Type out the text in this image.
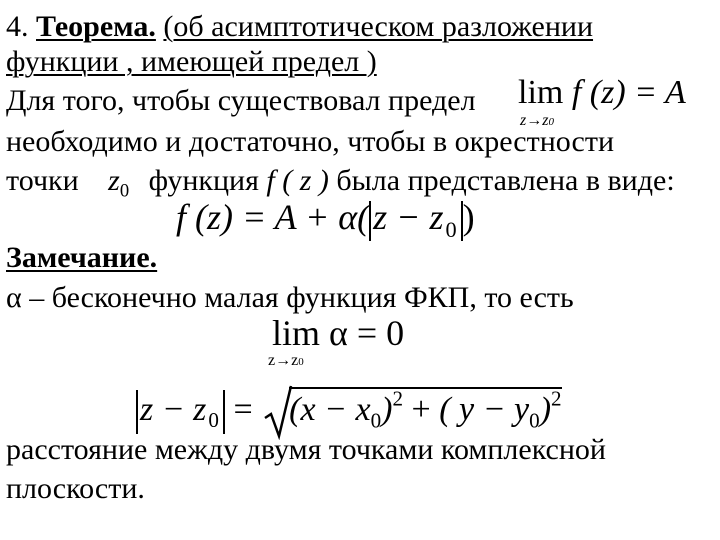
4. Теорема. (об асимптотическом разложении
функции , имеющей предел )
Для того, чтобы существовал предел lim f (z) = A
z→z0
необходимо и достаточно, чтобы в окрестности
точки $z_0$ функция f ( z ) была представлена в виде:
f (z) = A + α( $z - z_0$ )
Замечание.
α – бесконечно малая функция ФКП, то есть
lim α = 0
z→z0
$z - z_0 = (x - x_0)^2$ + ( $y - y_0)^2$
расстояние между двумя точками комплексной
плоскости.
